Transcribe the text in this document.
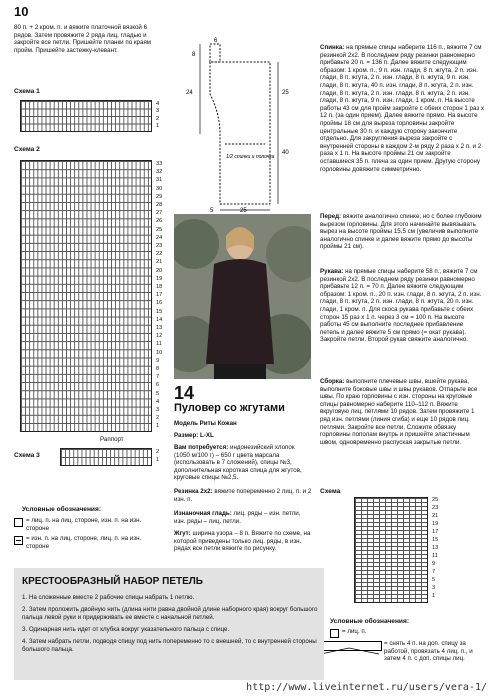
10
80 п. + 2 кром. п. и вяжите платочной вязкой 6 рядов. Затем провяжите 2 ряда лиц. гладью и закройте все петли. Пришейте планки по краям пройм. Пришейте застежку-клевант.
Схема 1
4
3
2
1
Схема 2
33
32
31
30
29
28
27
26
25
24
23
22
21
20
19
18
17
16
15
14
13
12
11
10
9
8
7
6
5
4
3
2
1
Раппорт
Схема 3	2
1
Условные обозначения:
= лиц. п. на лиц. стороне, изн. п. на изн. стороне
= изн. п. на лиц. стороне, лиц. п. на изн. стороне
8
24	25
40
6
5	25
1/2 спинки и полочка
14
Пуловер со жгутами
Модель Риты Кожан
Размер: L-XL
Вам потребуется: индонезийский хлопок (1050 м/100 г) – 650 г цвета марсала (использовать в 7 сложений), спицы №3, дополнительная короткая спица для жгутов, круговые спицы №2,5.
Резинка 2х2: вяжите попеременно 2 лиц. п. и 2 изн. п.
Изнаночная гладь: лиц. ряды – изн. петли, изн. ряды – лиц. петли.
Жгут: ширина узора – 8 п. Вяжите по схеме, на которой приведены только лиц. ряды, в изн. рядах все петли вяжите по рисунку.
Спинка: на прямые спицы наберите 116 п., вяжите 7 см резинкой 2х2. В последнем ряду резинки равномерно прибавьте 20 п. = 136 п. Далее вяжите следующим образом: 1 кром. п., 9 п. изн. глади, 8 п. жгута, 2 п. изн. глади, 8 п. жгута, 2 п. изн. глади, 8 п. жгута, 9 п. изн. глади, 8 п. жгута, 40 п. изн. глади, 8 п. жгута, 2 п. изн. глади, 8 п. жгута, 2 п. изн. глади, 8 п. жгута, 2 п. изн. глади, 8 п. жгута, 9 п. изн. глади, 1 кром. п. На высоте работы 43 см для пройм закройте с обеих сторон 1 раз х 12 п. (за один прием). Далее вяжите прямо. На высоте проймы 18 см для выреза горловины закройте центральные 30 п. и каждую сторону закончите отдельно. Для закругления выреза закройте с внутренней стороны в каждом 2-м ряду 2 раза х 2 п. и 2 раза х 1 п. На высоте проймы 21 см закройте оставшиеся 35 п. плеча за один прием. Другую сторону горловины довяжите симметрично.
Перед: вяжите аналогично спинке, но с более глубоким вырезом горловины. Для этого начинайте вывязывать вырез на высоте проймы 15,5 см (увеличив выполните аналогично спинке и далее вяжите прямо до высоты проймы 21 см).
Рукава: на прямые спицы наберите 58 п., вяжите 7 см резинкой 2х2. В последнем ряду резинки равномерно прибавьте 12 п. = 70 п. Далее вяжите следующим образом: 1 кром. п., 20 п. изн. глади, 8 п. жгута, 2 п. изн. глади, 8 п. жгута, 2 п. изн. глади, 8 п. жгута, 20 п. изн. глади, 1 кром. п. Для скоса рукава прибавьте с обеих сторон 15 раз х 1 п. через 3 см = 100 п. На высоте работы 45 см выполните последнее прибавление петель и далее вяжите 5 см прямо (= окат рукава). Закройте петли. Второй рукав свяжите аналогично.
Сборка: выполните плечевые швы, вшейте рукава, выполните боковые швы и швы рукавов. Отпарьте все швы. По краю горловины с изн. стороны на круговые спицы равномерно наберите 110–112 п. Вяжите вкруговую лиц. петлями 10 рядов. Затем провяжите 1 ряд изн. петлями (линия сгиба) и еще 10 рядов лиц. петлями. Закройте все петли. Сложите обвязку горловины пополам внутрь и пришейте эластичным швом, одновременно распуская закрытые петли.
Схема
25
23
21
19
17
15
13
11
9
7
5
3
1
Условные обозначения:
= лиц. п.
= снять 4 п. на доп. спицу за работой, провязать 4 лиц. п., и затем 4 п. с доп. спицы лиц.
КРЕСТООБРАЗНЫЙ НАБОР ПЕТЕЛЬ
1. На сложенные вместе 2 рабочие спицы набрать 1 петлю.
2. Затем проложить двойную нить (длина нити равна двойной длине наборного края) вокруг большого пальца левой руки и придерживать ее вместе с начальной петлей.
3. Одинарная нить идет от клубка вокруг указательного пальца с спице.
4. Затем набрать петли, подводя спицу под нить попеременно то с внешней, то с внутренней стороны большого пальца.
http://www.liveinternet.ru/users/vera-1/
